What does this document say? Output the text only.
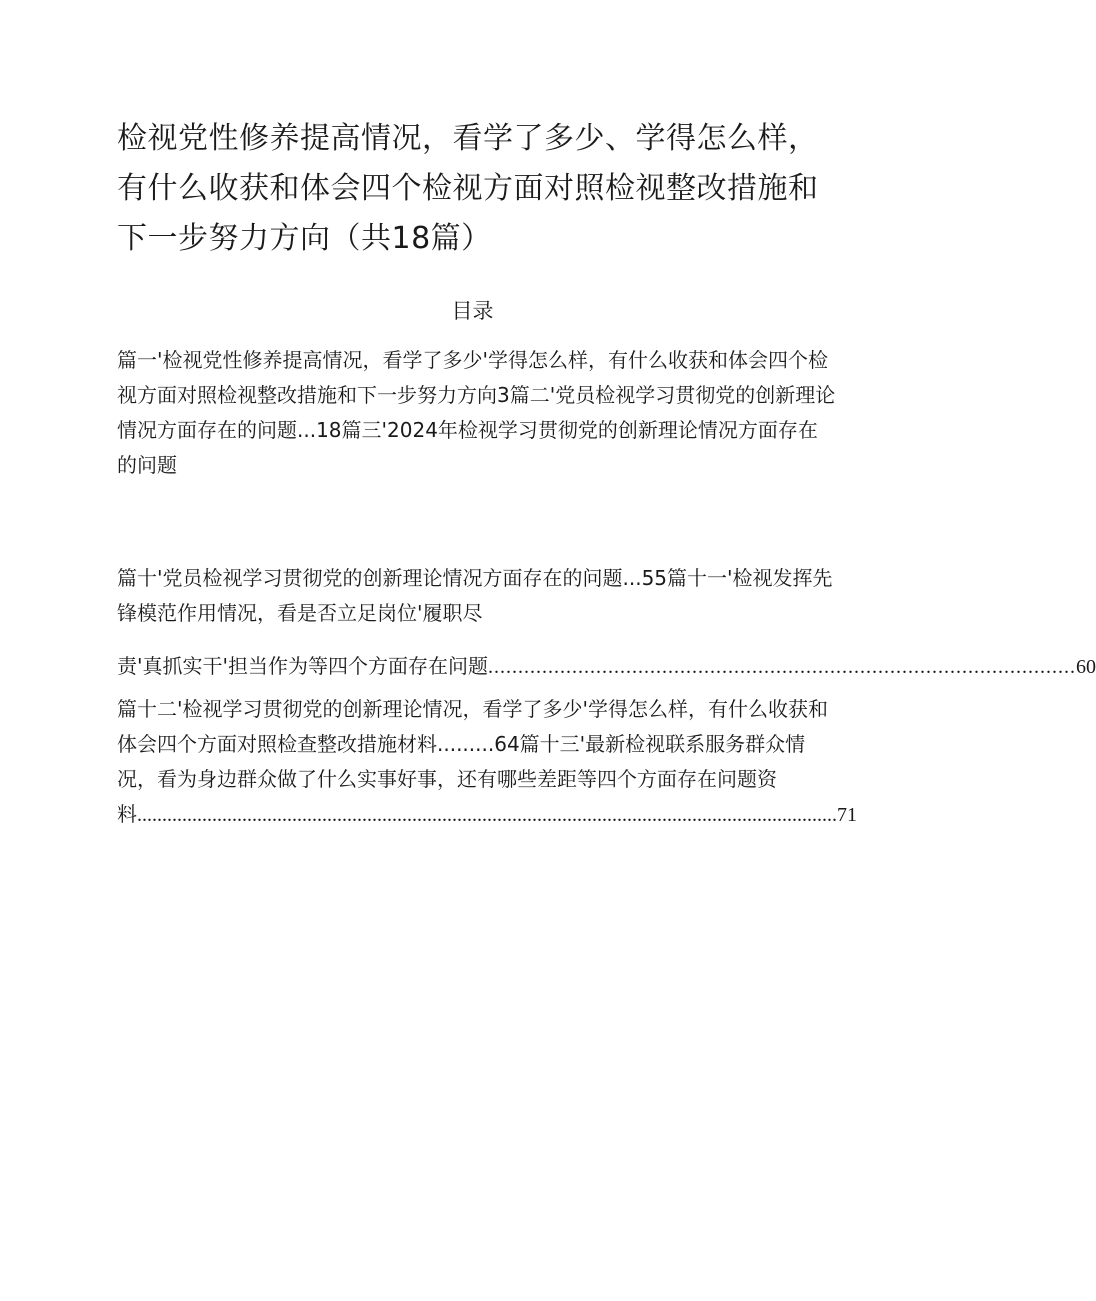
检视党性修养提高情况，看学了多少、学得怎么样，有什么收获和体会四个检视方面对照检视整改措施和下一步努力方向（共18篇）
目录

篇一'检视党性修养提高情况，看学了多少'学得怎么样，有什么收获和体会四个检视方面对照检视整改措施和下一步努力方向3篇二'党员检视学习贯彻党的创新理论情况方面存在的问题...18篇三'2024年检视学习贯彻党的创新理论情况方面存在的问题

篇十'党员检视学习贯彻党的创新理论情况方面存在的问题...55篇十一'检视发挥先锋模范作用情况，看是否立足岗位'履职尽

责'真抓实干'担当作为等四个方面存在问题 .................................................................................................. 60
篇十二'检视学习贯彻党的创新理论情况，看学了多少'学得怎么样，有什么收获和体会四个方面对照检查整改措施材料.........64篇十三'最新检视联系服务群众情况，看为身边群众做了什么实事好事，还有哪些差距等四个方面存在问题资料............................................................................................................................................71
